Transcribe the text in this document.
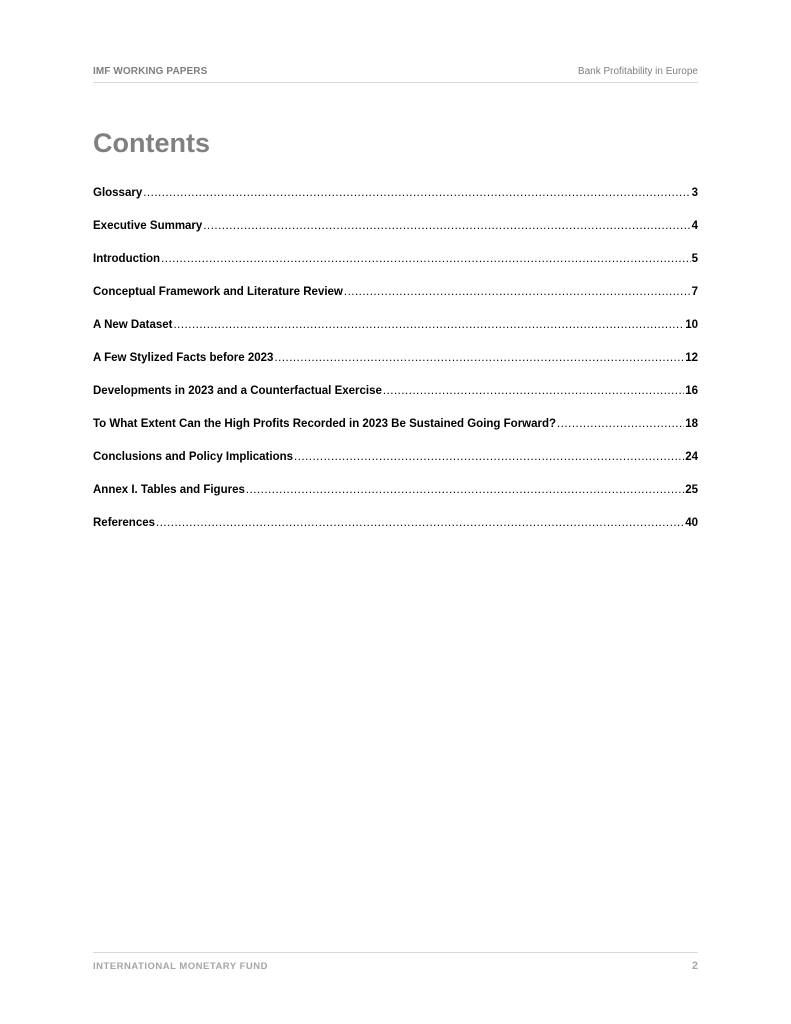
IMF WORKING PAPERS	Bank Profitability in Europe
Contents
Glossary .....	3
Executive Summary .....	4
Introduction .....	5
Conceptual Framework and Literature Review .....	7
A New Dataset .....	10
A Few Stylized Facts before 2023 .....	12
Developments in 2023 and a Counterfactual Exercise .....	16
To What Extent Can the High Profits Recorded in 2023 Be Sustained Going Forward? .....	18
Conclusions and Policy Implications .....	24
Annex I. Tables and Figures .....	25
References .....	40
INTERNATIONAL MONETARY FUND	2
